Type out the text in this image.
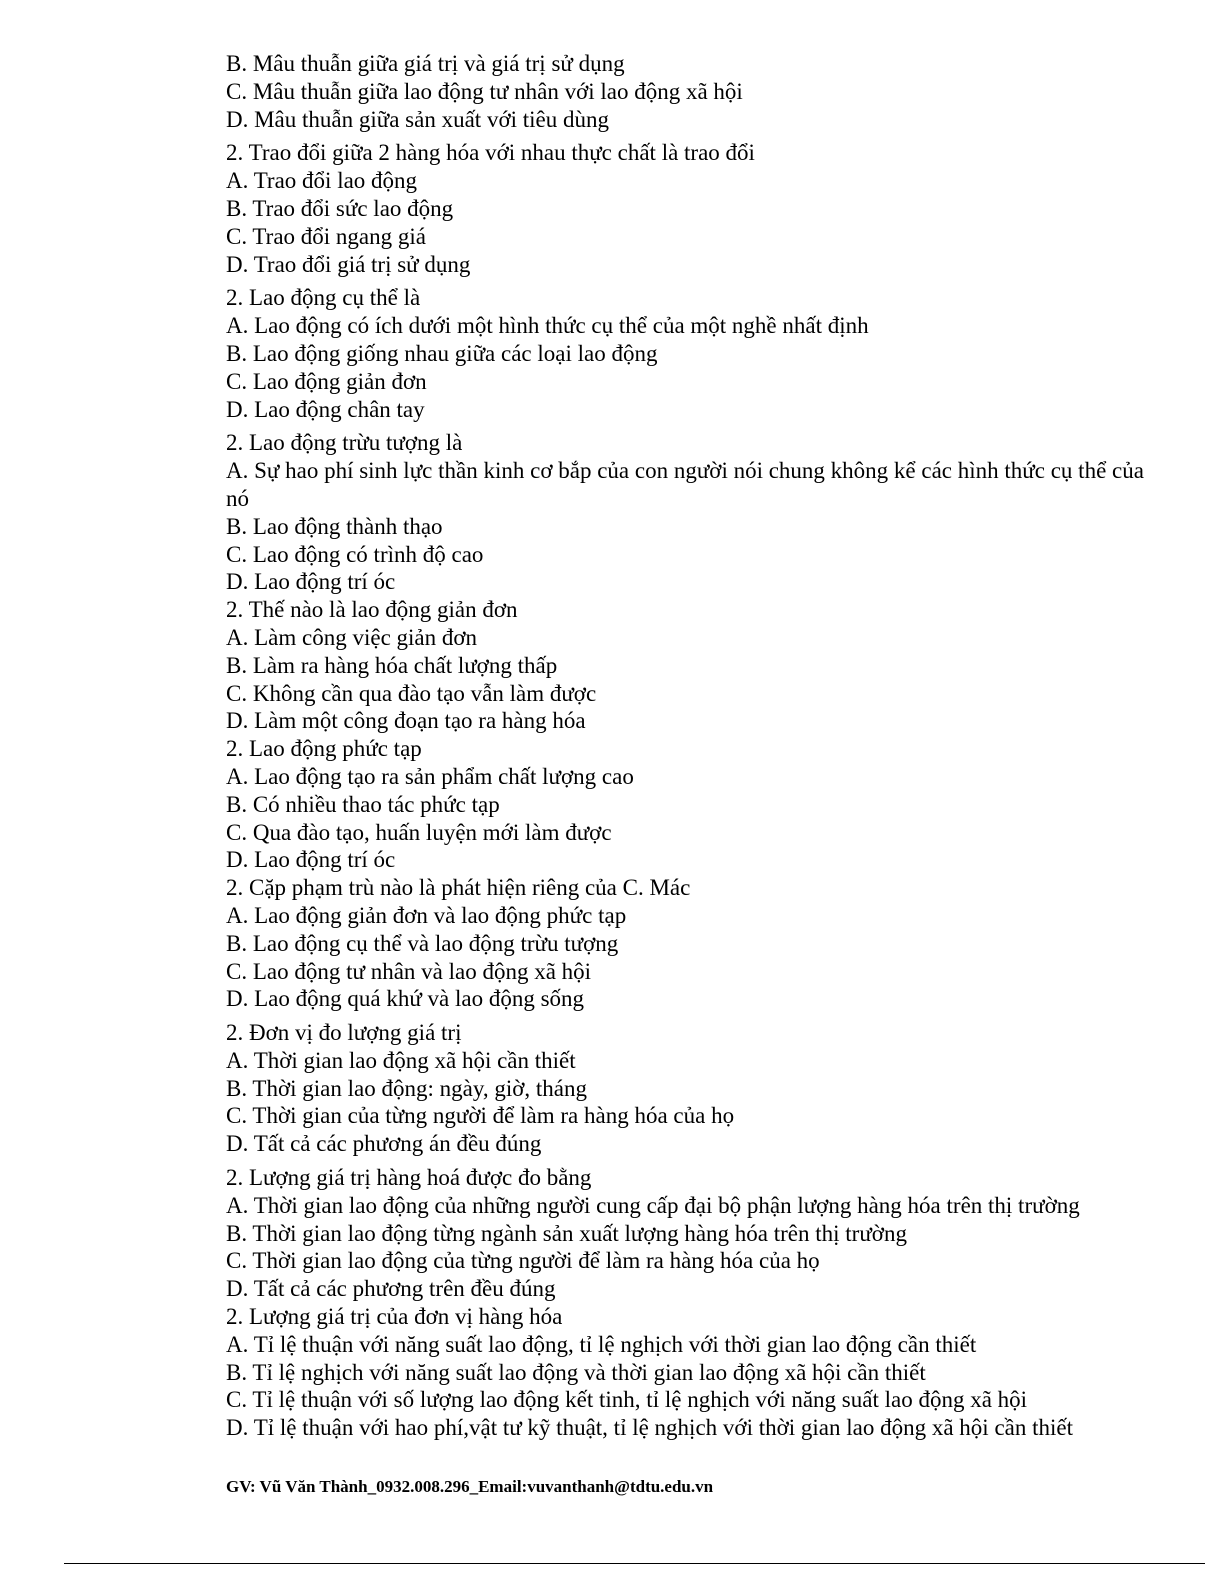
B. Mâu thuẫn giữa giá trị và giá trị sử dụng

C. Mâu thuẫn giữa lao động tư nhân với lao động xã hội

D. Mâu thuẫn giữa sản xuất với tiêu dùng

2. Trao đổi giữa 2 hàng hóa với nhau thực chất là trao đổi

A. Trao đổi lao động

B. Trao đổi sức lao động

C. Trao đổi ngang giá

D. Trao đổi giá trị sử dụng

2. Lao động cụ thể là

A. Lao động có ích dưới một hình thức cụ thể của một nghề nhất định

B. Lao động giống nhau giữa các loại lao động

C. Lao động giản đơn

D. Lao động chân tay

2. Lao động trừu tượng là

A. Sự hao phí sinh lực thần kinh cơ bắp của con người nói chung không kể các hình thức cụ thể của nó

B. Lao động thành thạo

C. Lao động có trình độ cao

D. Lao động trí óc

2. Thế nào là lao động giản đơn

A. Làm công việc giản đơn

B. Làm ra hàng hóa chất lượng thấp

C. Không cần qua đào tạo vẫn làm được

D. Làm một công đoạn tạo ra hàng hóa

2. Lao động phức tạp

A. Lao động tạo ra sản phẩm chất lượng cao

B. Có nhiều thao tác phức tạp

C. Qua đào tạo, huấn luyện mới làm được

D. Lao động trí óc

2. Cặp phạm trù nào là phát hiện riêng của C. Mác

A. Lao động giản đơn và lao động phức tạp

B. Lao động cụ thể và lao động trừu tượng

C. Lao động tư nhân và lao động xã hội

D. Lao động quá khứ và lao động sống

2. Đơn vị đo lượng giá trị

A. Thời gian lao động xã hội cần thiết

B. Thời gian lao động: ngày, giờ, tháng

C. Thời gian của từng người để làm ra hàng hóa của họ

D. Tất cả các phương án đều đúng

2. Lượng giá trị hàng hoá được đo bằng

A. Thời gian lao động của những người cung cấp đại bộ phận lượng hàng hóa trên thị trường

B. Thời gian lao động từng ngành sản xuất lượng hàng hóa trên thị trường

C. Thời gian lao động của từng người để làm ra hàng hóa của họ

D. Tất cả các phương trên đều đúng

2. Lượng giá trị của đơn vị hàng hóa

A. Tỉ lệ thuận với năng suất lao động, tỉ lệ nghịch với thời gian lao động cần thiết

B. Tỉ lệ nghịch với năng suất lao động và thời gian lao động xã hội cần thiết

C. Tỉ lệ thuận với số lượng lao động kết tinh, tỉ lệ nghịch với năng suất lao động xã hội

D. Tỉ lệ thuận với hao phí,vật tư kỹ thuật, tỉ lệ nghịch với thời gian lao động xã hội cần thiết

GV: Vũ Văn Thành_0932.008.296_Email:vuvanthanh@tdtu.edu.vn
